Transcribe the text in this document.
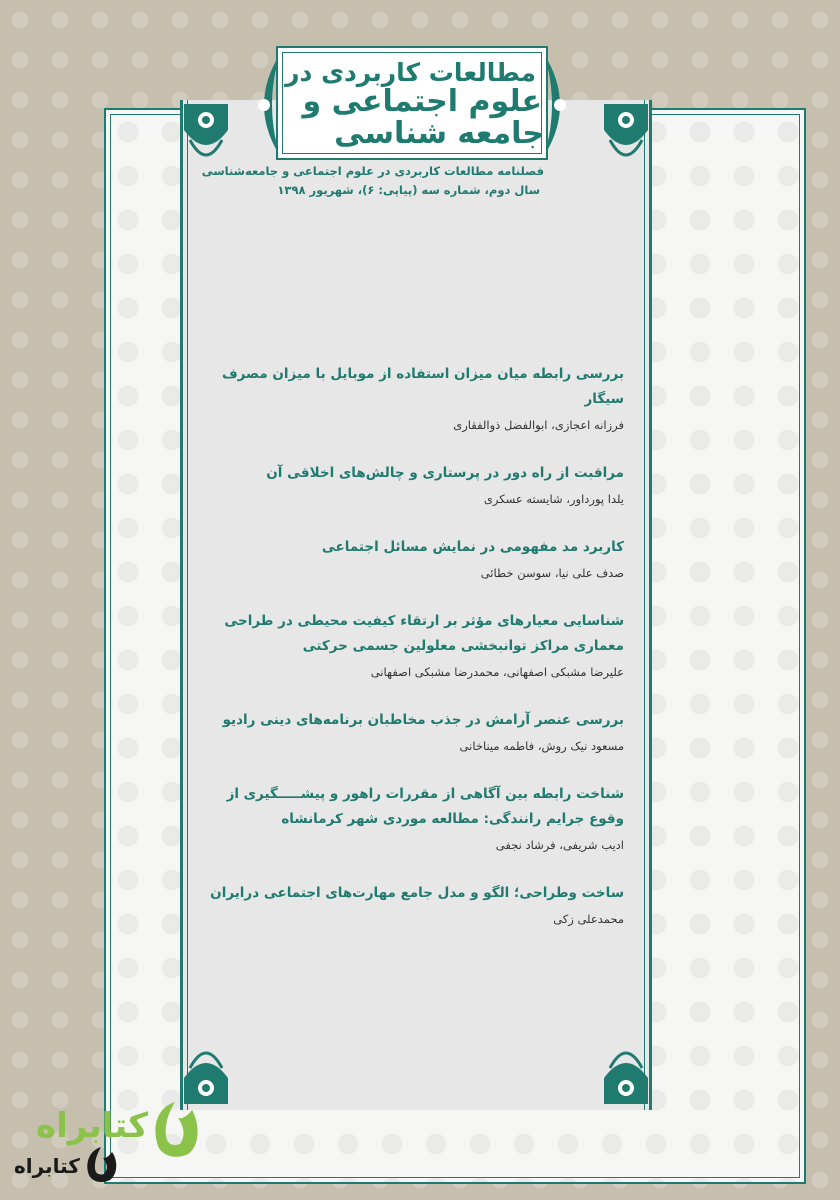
مطالعات کاربردی در
علوم اجتماعی و
جامعه شناسی
فصلنامه مطالعات کاربردی در علوم اجتماعی و جامعه‌شناسی
سال دوم، شماره سه (پیاپی: ۶)، شهریور ۱۳۹۸
بررسی رابطه میان میزان استفاده از موبایل با میزان مصرف سیگار
فرزانه اعجازی، ابوالفضل ذوالفقاری
مراقبت از راه دور در پرستاری و چالش‌های اخلاقی آن
یلدا پورداور، شایسته عسکری
کاربرد مد مفهومی در نمایش مسائل اجتماعی
صدف علی نیا، سوسن خطائی
شناسایی معیارهای مؤثر بر ارتقاء کیفیت محیطی در طراحی معماری مراکز توانبخشی معلولین جسمی حرکتی
علیرضا مشبکی اصفهانی، محمدرضا مشبکی اصفهانی
بررسی عنصر آرامش در جذب مخاطبان برنامه‌های دینی رادیو
مسعود نیک روش، فاطمه میناخانی
شناخت رابطه بین آگاهی از مقررات راهور و پیشـــــگیری از وقوع جرایم رانندگی: مطالعه موردی شهر کرمانشاه
ادیب شریفی، فرشاد نجفی
ساخت وطراحی؛ الگو و مدل جامع مهارت‌های اجتماعی درایران
محمدعلی زکی
کتابراه
کتابراه
